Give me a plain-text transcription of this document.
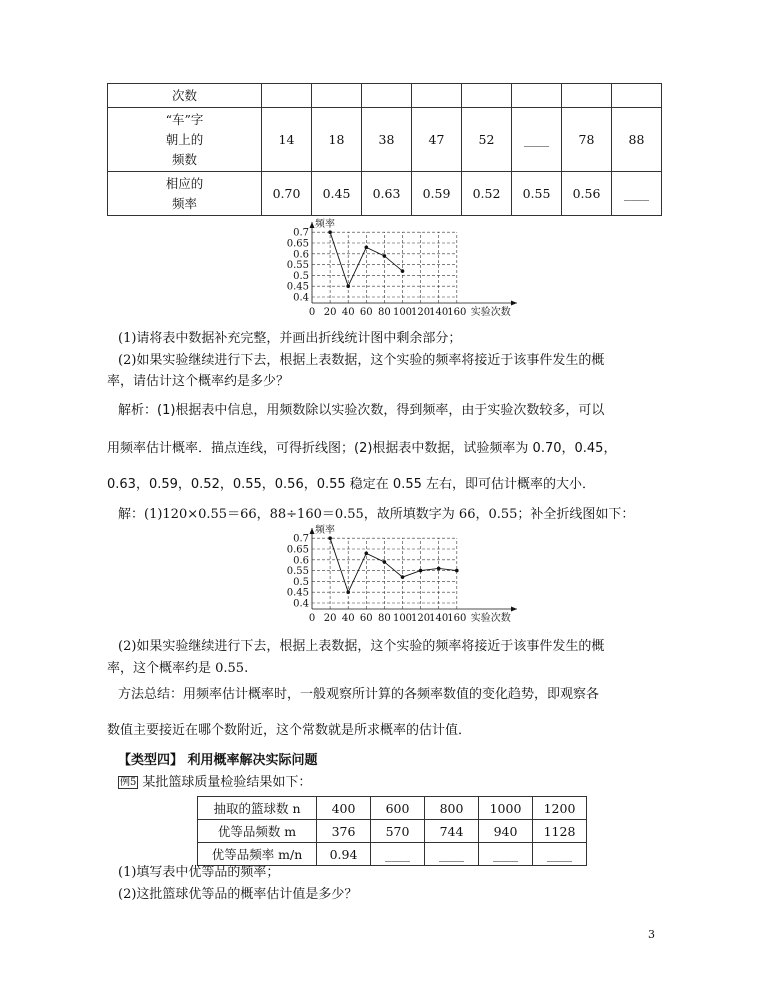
次数								

“车”字
朝上的
频数	14	18	38	47	52	____	78	88

相应的
频率	0.70	0.45	0.63	0.59	0.52	0.55	0.56	____
0.4
0.45
0.5
0.55
0.6
0.65
0.7
0 20 40 60 80 100 120 140 160
频率
实验次数
(1)请将表中数据补充完整，并画出折线统计图中剩余部分；
(2)如果实验继续进行下去，根据上表数据，这个实验的频率将接近于该事件发生的概
率，请估计这个概率约是多少？
解析：(1)根据表中信息，用频数除以实验次数，得到频率，由于实验次数较多，可以
用频率估计概率．描点连线，可得折线图；(2)根据表中数据，试验频率为 0.70，0.45，
0.63，0.59，0.52，0.55，0.56，0.55 稳定在 0.55 左右，即可估计概率的大小．
解：(1)120×0.55＝66，88÷160＝0.55，故所填数字为 66，0.55；补全折线图如下：
0.4
0.45
0.5
0.55
0.6
0.65
0.7
0 20 40 60 80 100 120 140 160
频率
实验次数
(2)如果实验继续进行下去，根据上表数据，这个实验的频率将接近于该事件发生的概
率，这个概率约是 0.55.
方法总结：用频率估计概率时，一般观察所计算的各频率数值的变化趋势，即观察各
数值主要接近在哪个数附近，这个常数就是所求概率的估计值．
【类型四】 利用概率解决实际问题
例5 某批篮球质量检验结果如下：
抽取的篮球数 n	400	600	800	1000	1200
优等品频数 m	376	570	744	940	1128
优等品频率 m/n	0.94	____	____	____	____
(1)填写表中优等品的频率；
(2)这批篮球优等品的概率估计值是多少？
3
